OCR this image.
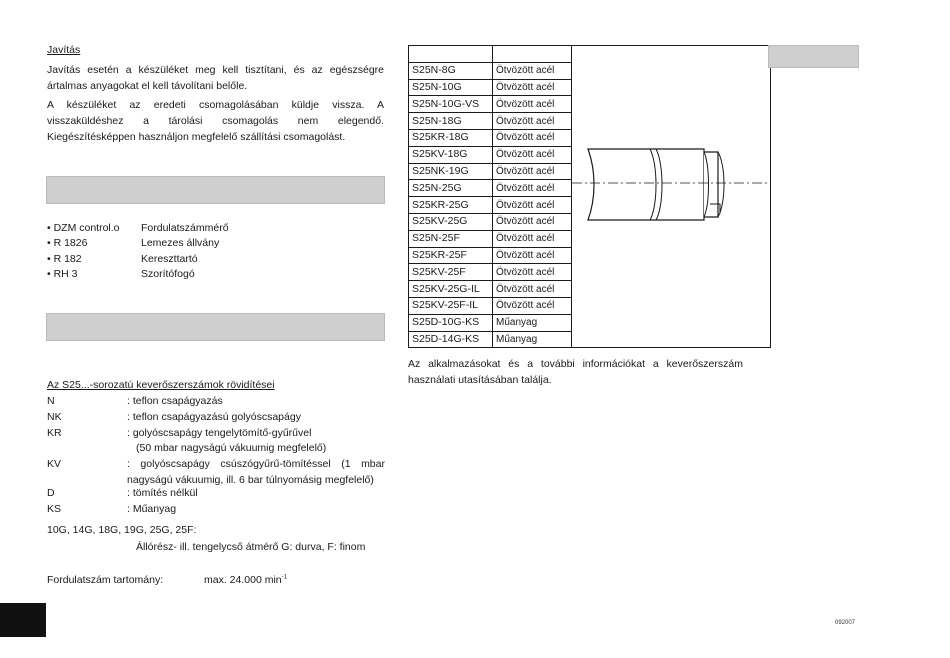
Javítás
Javítás esetén a készüléket meg kell tisztítani, és az egészségre ártalmas anyagokat el kell távolítani belőle.
A készüléket az eredeti csomagolásában küldje vissza. A visszaküldéshez a tárolási csomagolás nem elegendő. Kiegészítésképpen használjon megfelelő szállítási csomagolást.
• DZM control.o	Fordulatszámmérő
• R 1826	Lemezes állvány
• R 182	Kereszttartó
• RH 3	Szorítófogó
Az S25...-sorozatú keverőszerszámok rövidítései
N	: teflon csapágyazás
NK	: teflon csapágyazású golyóscsapágy
KR	: golyóscsapágy tengelytömítő-gyűrűvel
(50 mbar nagyságú vákuumig megfelelő)
KV	: golyóscsapágy csúszógyűrű-tömítéssel (1 mbar nagyságú vákuumig, ill. 6 bar túlnyomásig megfelelő)
D	: tömítés nélkül
KS	: Műanyag
10G, 14G, 18G, 19G, 25G, 25F:
Állórész- ill. tengelycső átmérő G: durva, F: finom
Fordulatszám tartomány:	max. 24.000 $\min^{-1}$

S25N-8G	Ötvözött acél	
S25N-10G	Ötvözött acél	
S25N-10G-VS	Ötvözött acél	
S25N-18G	Ötvözött acél	
S25KR-18G	Ötvözött acél	
S25KV-18G	Ötvözött acél	
S25NK-19G	Ötvözött acél	
S25N-25G	Ötvözött acél	
S25KR-25G	Ötvözött acél	
S25KV-25G	Ötvözött acél	
S25N-25F	Ötvözött acél	
S25KR-25F	Ötvözött acél	
S25KV-25F	Ötvözött acél	
S25KV-25G-IL	Ötvözött acél	
S25KV-25F-IL	Ötvözött acél	
S25D-10G-KS	Műanyag	
S25D-14G-KS	Műanyag	
Az alkalmazásokat és a további információkat a keverőszerszám használati utasításában találja.
092007
